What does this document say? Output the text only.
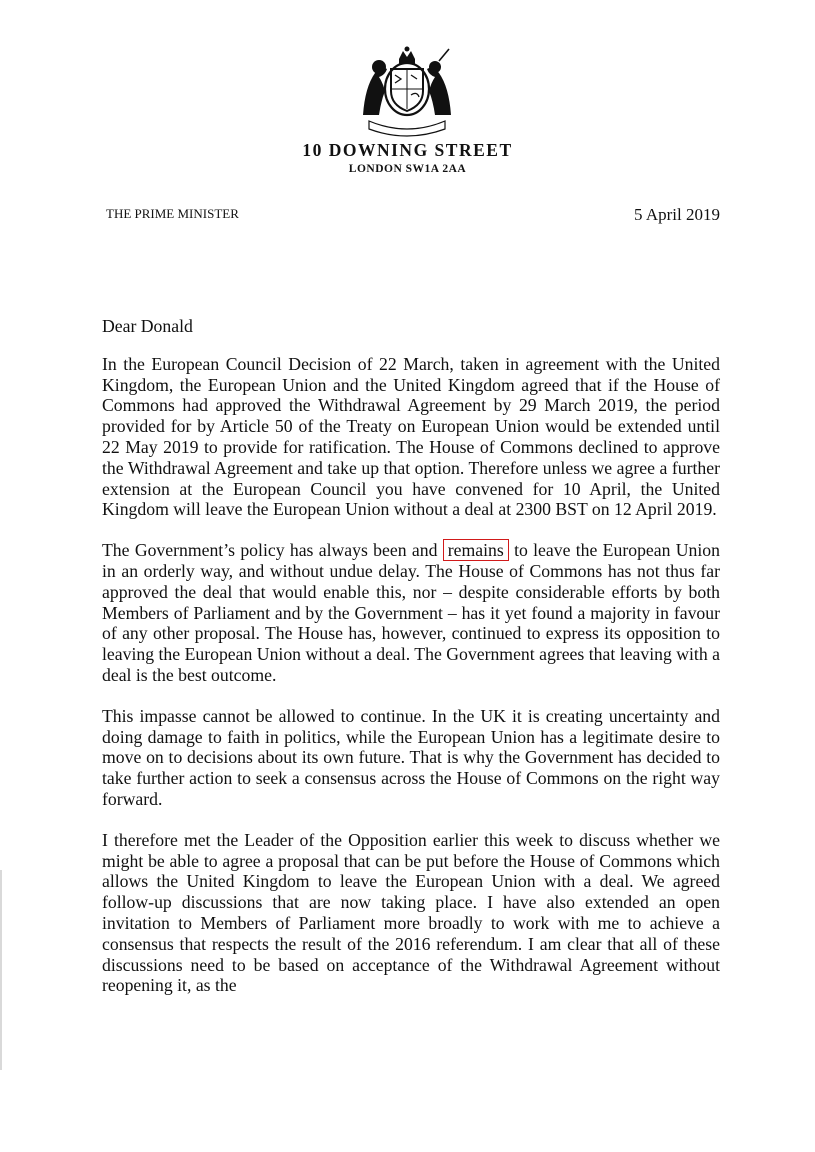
10 DOWNING STREET
LONDON SW1A 2AA
THE PRIME MINISTER	5 April 2019

Dear Donald

In the European Council Decision of 22 March, taken in agreement with the United Kingdom, the European Union and the United Kingdom agreed that if the House of Commons had approved the Withdrawal Agreement by 29 March 2019, the period provided for by Article 50 of the Treaty on European Union would be extended until 22 May 2019 to provide for ratification. The House of Commons declined to approve the Withdrawal Agreement and take up that option. Therefore unless we agree a further extension at the European Council you have convened for 10 April, the United Kingdom will leave the European Union without a deal at 2300 BST on 12 April 2019.

The Government’s policy has always been and remains to leave the European Union in an orderly way, and without undue delay. The House of Commons has not thus far approved the deal that would enable this, nor – despite considerable efforts by both Members of Parliament and by the Government – has it yet found a majority in favour of any other proposal. The House has, however, continued to express its opposition to leaving the European Union without a deal. The Government agrees that leaving with a deal is the best outcome.

This impasse cannot be allowed to continue. In the UK it is creating uncertainty and doing damage to faith in politics, while the European Union has a legitimate desire to move on to decisions about its own future. That is why the Government has decided to take further action to seek a consensus across the House of Commons on the right way forward.

I therefore met the Leader of the Opposition earlier this week to discuss whether we might be able to agree a proposal that can be put before the House of Commons which allows the United Kingdom to leave the European Union with a deal. We agreed follow-up discussions that are now taking place. I have also extended an open invitation to Members of Parliament more broadly to work with me to achieve a consensus that respects the result of the 2016 referendum. I am clear that all of these discussions need to be based on acceptance of the Withdrawal Agreement without reopening it, as the
